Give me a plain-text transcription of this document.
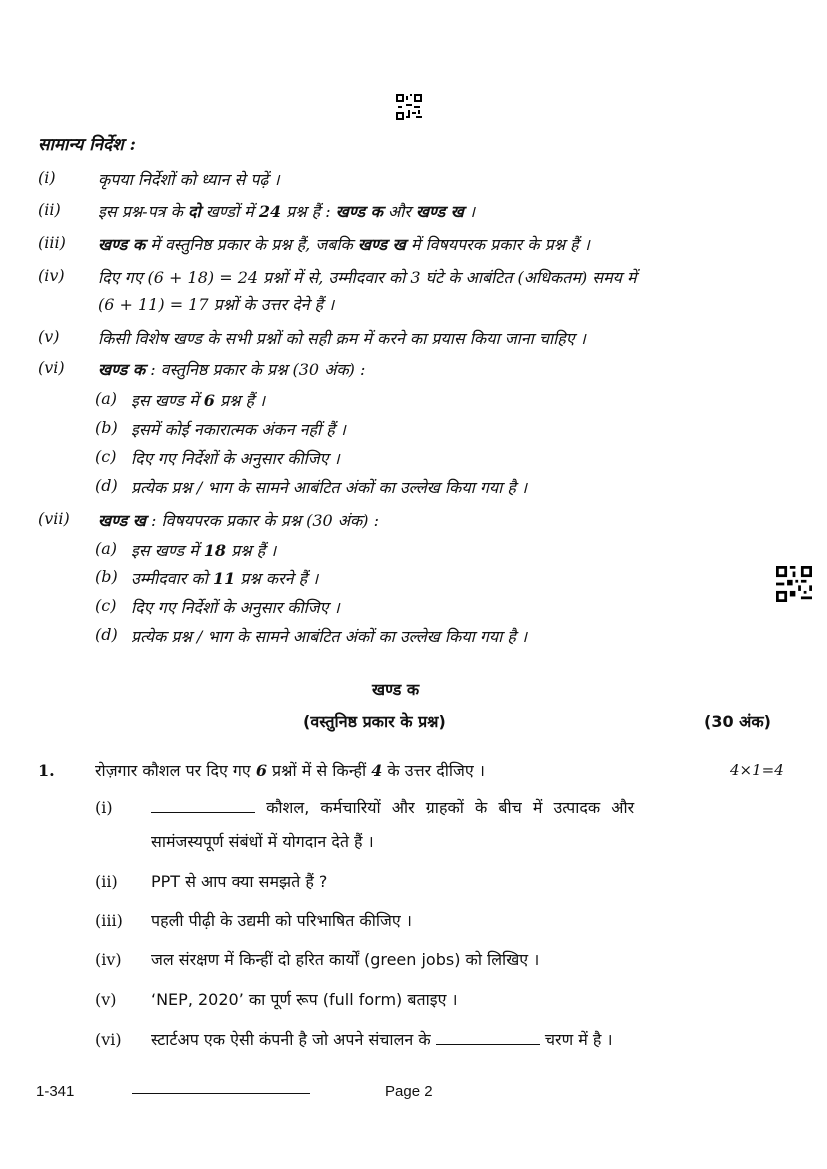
सामान्य निर्देश :
(i)	कृपया निर्देशों को ध्यान से पढ़ें ।
(ii)	इस प्रश्न-पत्र के दो खण्डों में 24 प्रश्न हैं : खण्ड क और खण्ड ख ।
(iii)	खण्ड क में वस्तुनिष्ठ प्रकार के प्रश्न हैं, जबकि खण्ड ख में विषयपरक प्रकार के प्रश्न हैं ।
(iv)	दिए गए (6 + 18) = 24 प्रश्नों में से, उम्मीदवार को 3 घंटे के आबंटित (अधिकतम) समय में
(6 + 11) = 17 प्रश्नों के उत्तर देने हैं ।
(v)	किसी विशेष खण्ड के सभी प्रश्नों को सही क्रम में करने का प्रयास किया जाना चाहिए ।
(vi)	खण्ड क : वस्तुनिष्ठ प्रकार के प्रश्न (30 अंक) :
(a) इस खण्ड में 6 प्रश्न हैं ।
(b) इसमें कोई नकारात्मक अंकन नहीं हैं ।
(c) दिए गए निर्देशों के अनुसार कीजिए ।
(d) प्रत्येक प्रश्न / भाग के सामने आबंटित अंकों का उल्लेख किया गया है ।
(vii)	खण्ड ख : विषयपरक प्रकार के प्रश्न (30 अंक) :
(a) इस खण्ड में 18 प्रश्न हैं ।
(b) उम्मीदवार को 11 प्रश्न करने हैं ।
(c) दिए गए निर्देशों के अनुसार कीजिए ।
(d) प्रत्येक प्रश्न / भाग के सामने आबंटित अंकों का उल्लेख किया गया है ।
खण्ड क
(वस्तुनिष्ठ प्रकार के प्रश्न)	(30 अंक)
1.	रोज़गार कौशल पर दिए गए 6 प्रश्नों में से किन्हीं 4 के उत्तर दीजिए ।	4×1=4
(i)	कौशल, कर्मचारियों और ग्राहकों के बीच में उत्पादक और
सामंजस्यपूर्ण संबंधों में योगदान देते हैं ।
(ii) PPT से आप क्या समझते हैं ?
(iii) पहली पीढ़ी के उद्यमी को परिभाषित कीजिए ।
(iv) जल संरक्षण में किन्हीं दो हरित कार्यों (green jobs) को लिखिए ।
(v) ‘NEP, 2020’ का पूर्ण रूप (full form) बताइए ।
(vi) स्टार्टअप एक ऐसी कंपनी है जो अपने संचालन के	चरण में है ।
1-341	Page 2
